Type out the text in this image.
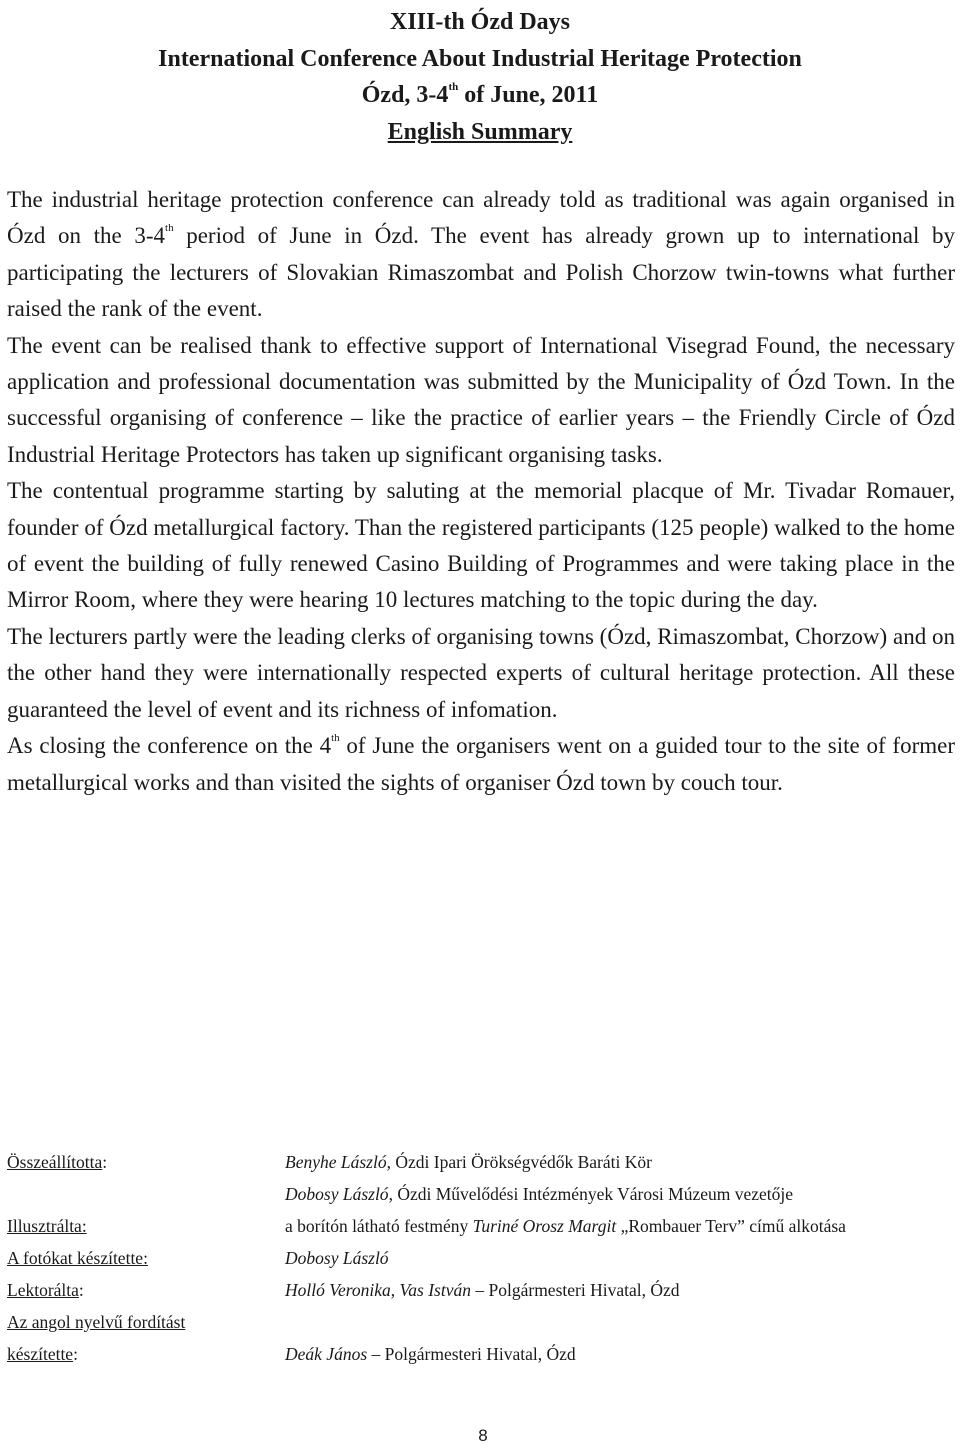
XIII-th Ózd Days
International Conference About Industrial Heritage Protection
Ózd, 3-4th of June, 2011
English Summary

The industrial heritage protection conference can already told as traditional was again organised in Ózd on the 3-4th period of June in Ózd. The event has already grown up to international by participating the lecturers of Slovakian Rimaszombat and Polish Chorzow twin-towns what further raised the rank of the event.

The event can be realised thank to effective support of International Visegrad Found, the necessary application and professional documentation was submitted by the Municipality of Ózd Town. In the successful organising of conference – like the practice of earlier years – the Friendly Circle of Ózd Industrial Heritage Protectors has taken up significant organising tasks.

The contentual programme starting by saluting at the memorial placque of Mr. Tivadar Romauer, founder of Ózd metallurgical factory. Than the registered participants (125 people) walked to the home of event the building of fully renewed Casino Building of Programmes and were taking place in the Mirror Room, where they were hearing 10 lectures matching to the topic during the day.

The lecturers partly were the leading clerks of organising towns (Ózd, Rimaszombat, Chorzow) and on the other hand they were internationally respected experts of cultural heritage protection. All these guaranteed the level of event and its richness of infomation.

As closing the conference on the 4th of June the organisers went on a guided tour to the site of former metallurgical works and than visited the sights of organiser Ózd town by couch tour.

Összeállította:	Benyhe László, Ózdi Ipari Örökségvédők Baráti Kör
Dobosy László, Ózdi Művelődési Intézmények Városi Múzeum vezetője
Illusztrálta:	a borítón látható festmény Turiné Orosz Margit „Rombauer Terv” című alkotása
A fotókat készítette:	Dobosy László
Lektorálta:	Holló Veronika, Vas István – Polgármesteri Hivatal, Ózd
Az angol nyelvű fordítást
készítette:	Deák János – Polgármesteri Hivatal, Ózd
8
